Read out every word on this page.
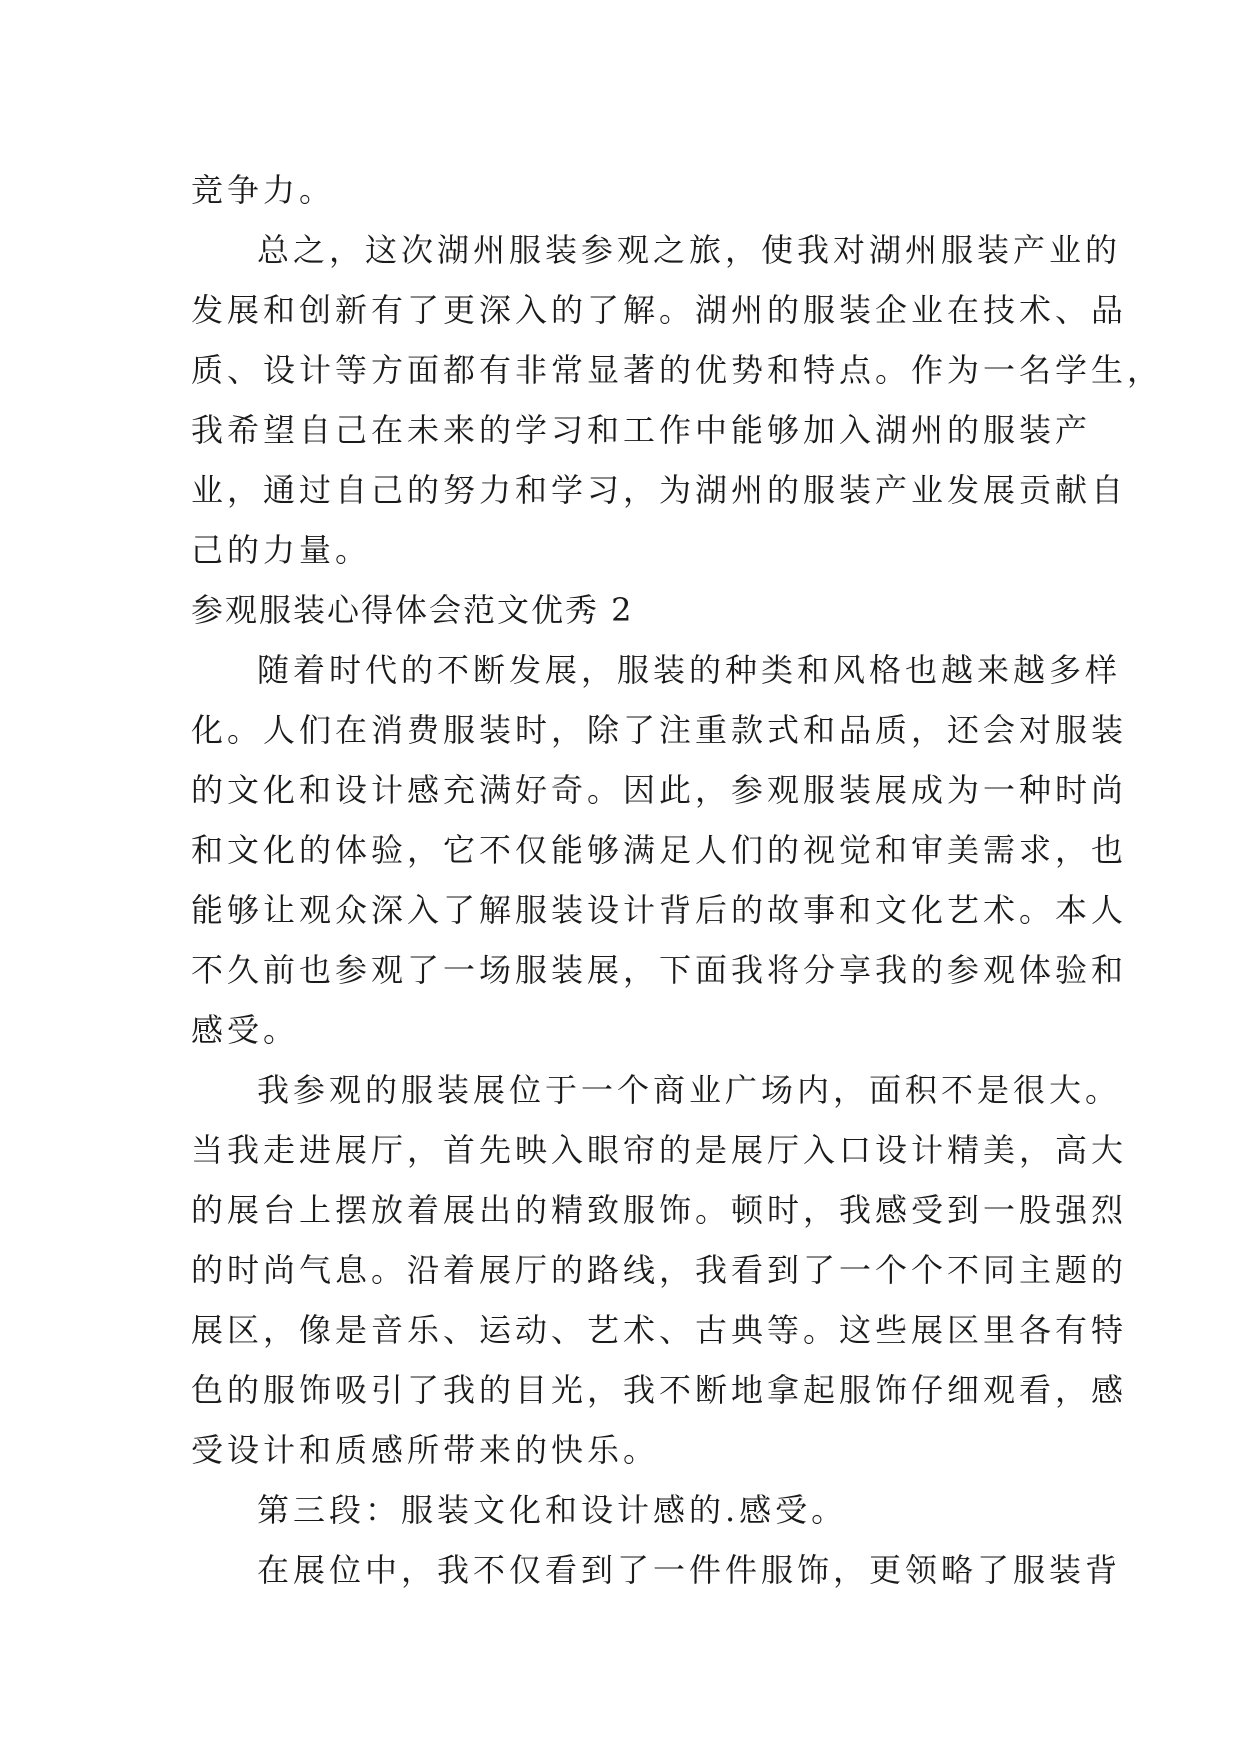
竞争力。
总之，这次湖州服装参观之旅，使我对湖州服装产业的
发展和创新有了更深入的了解。湖州的服装企业在技术、品
质、设计等方面都有非常显著的优势和特点。作为一名学生，
我希望自己在未来的学习和工作中能够加入湖州的服装产
业，通过自己的努力和学习，为湖州的服装产业发展贡献自
己的力量。
参观服装心得体会范文优秀 2
随着时代的不断发展，服装的种类和风格也越来越多样
化。人们在消费服装时，除了注重款式和品质，还会对服装
的文化和设计感充满好奇。因此，参观服装展成为一种时尚
和文化的体验，它不仅能够满足人们的视觉和审美需求，也
能够让观众深入了解服装设计背后的故事和文化艺术。本人
不久前也参观了一场服装展，下面我将分享我的参观体验和
感受。
我参观的服装展位于一个商业广场内，面积不是很大。
当我走进展厅，首先映入眼帘的是展厅入口设计精美，高大
的展台上摆放着展出的精致服饰。顿时，我感受到一股强烈
的时尚气息。沿着展厅的路线，我看到了一个个不同主题的
展区，像是音乐、运动、艺术、古典等。这些展区里各有特
色的服饰吸引了我的目光，我不断地拿起服饰仔细观看，感
受设计和质感所带来的快乐。
第三段：服装文化和设计感的.感受。
在展位中，我不仅看到了一件件服饰，更领略了服装背
